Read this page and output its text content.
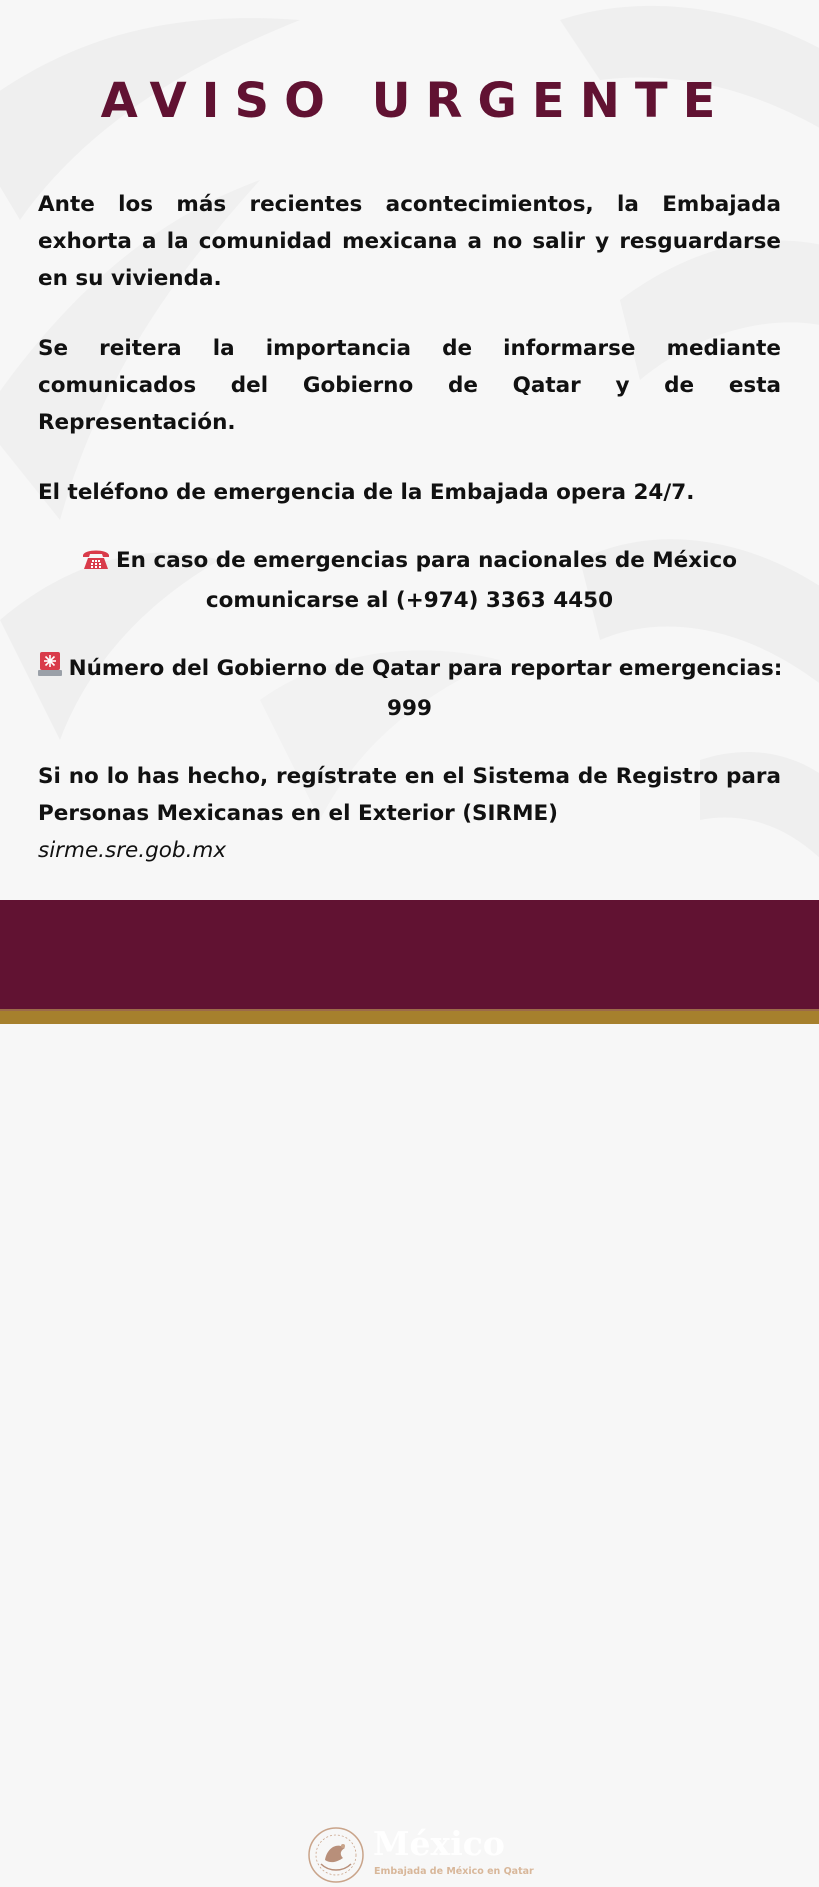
AVISO URGENTE
Ante los más recientes acontecimientos, la Embajada exhorta a la comunidad mexicana a no salir y resguardarse en su vivienda.
Se reitera la importancia de informarse mediante comunicados del Gobierno de Qatar y de esta Representación.
El teléfono de emergencia de la Embajada opera 24/7.
En caso de emergencias para nacionales de México
comunicarse al (+974) 3363 4450
Número del Gobierno de Qatar para reportar emergencias:
999
Si no lo has hecho, regístrate en el Sistema de Registro para Personas Mexicanas en el Exterior (SIRME)
sirme.sre.gob.mx
México
Embajada de México en Qatar
